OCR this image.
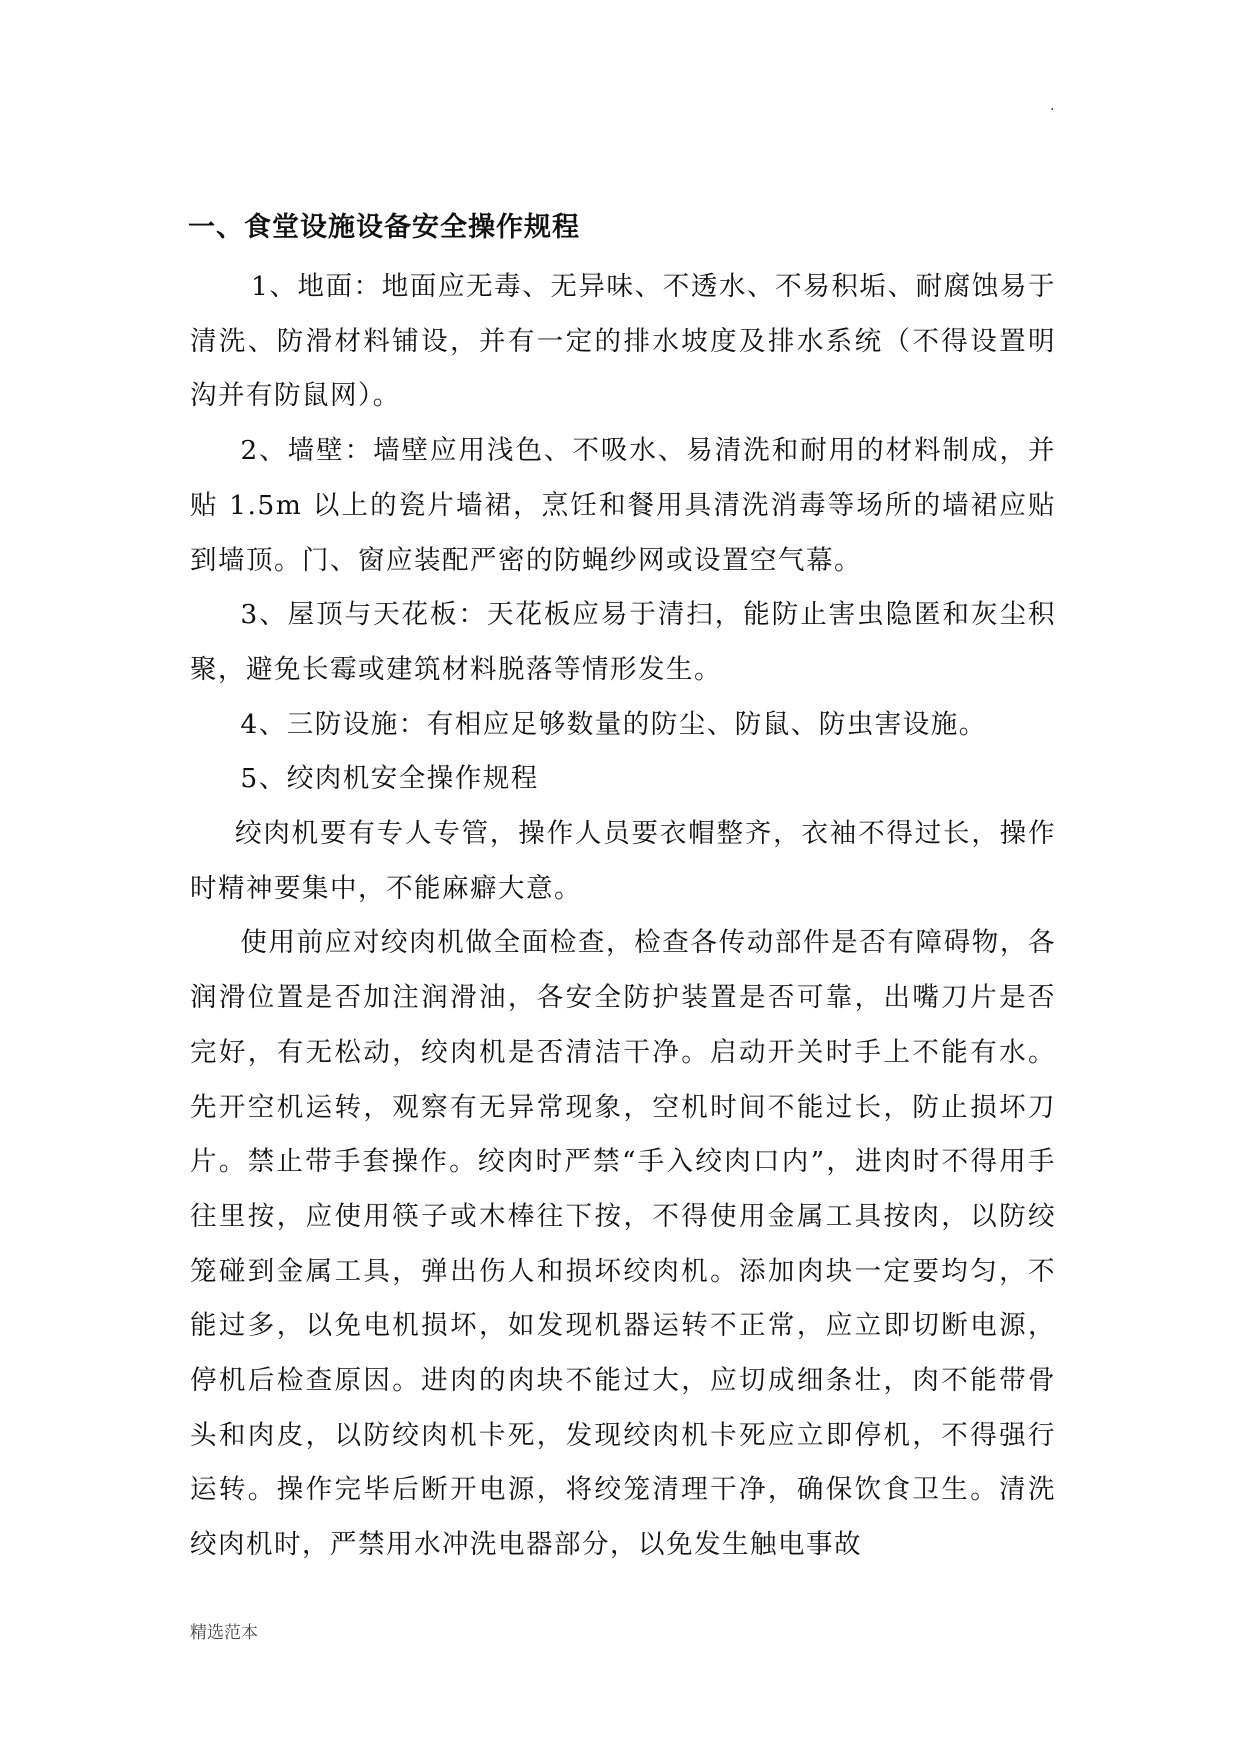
.
一、食堂设施设备安全操作规程

1、地面：地面应无毒、无异味、不透水、不易积垢、耐腐蚀易于清洗、防滑材料铺设，并有一定的排水坡度及排水系统（不得设置明沟并有防鼠网）。

2、墙壁：墙壁应用浅色、不吸水、易清洗和耐用的材料制成，并贴 1.5m 以上的瓷片墙裙，烹饪和餐用具清洗消毒等场所的墙裙应贴到墙顶。门、窗应装配严密的防蝇纱网或设置空气幕。

3、屋顶与天花板：天花板应易于清扫，能防止害虫隐匿和灰尘积聚，避免长霉或建筑材料脱落等情形发生。

4、三防设施：有相应足够数量的防尘、防鼠、防虫害设施。

5、绞肉机安全操作规程

绞肉机要有专人专管，操作人员要衣帽整齐，衣袖不得过长，操作时精神要集中，不能麻癖大意。

使用前应对绞肉机做全面检查，检查各传动部件是否有障碍物，各润滑位置是否加注润滑油，各安全防护装置是否可靠，出嘴刀片是否完好，有无松动，绞肉机是否清洁干净。启动开关时手上不能有水。先开空机运转，观察有无异常现象，空机时间不能过长，防止损坏刀片。禁止带手套操作。绞肉时严禁“手入绞肉口内”，进肉时不得用手往里按，应使用筷子或木棒往下按，不得使用金属工具按肉，以防绞笼碰到金属工具，弹出伤人和损坏绞肉机。添加肉块一定要均匀，不能过多，以免电机损坏，如发现机器运转不正常，应立即切断电源，停机后检查原因。进肉的肉块不能过大，应切成细条壮，肉不能带骨头和肉皮，以防绞肉机卡死，发现绞肉机卡死应立即停机，不得强行运转。操作完毕后断开电源，将绞笼清理干净，确保饮食卫生。清洗绞肉机时，严禁用水冲洗电器部分，以免发生触电事故

精选范本
